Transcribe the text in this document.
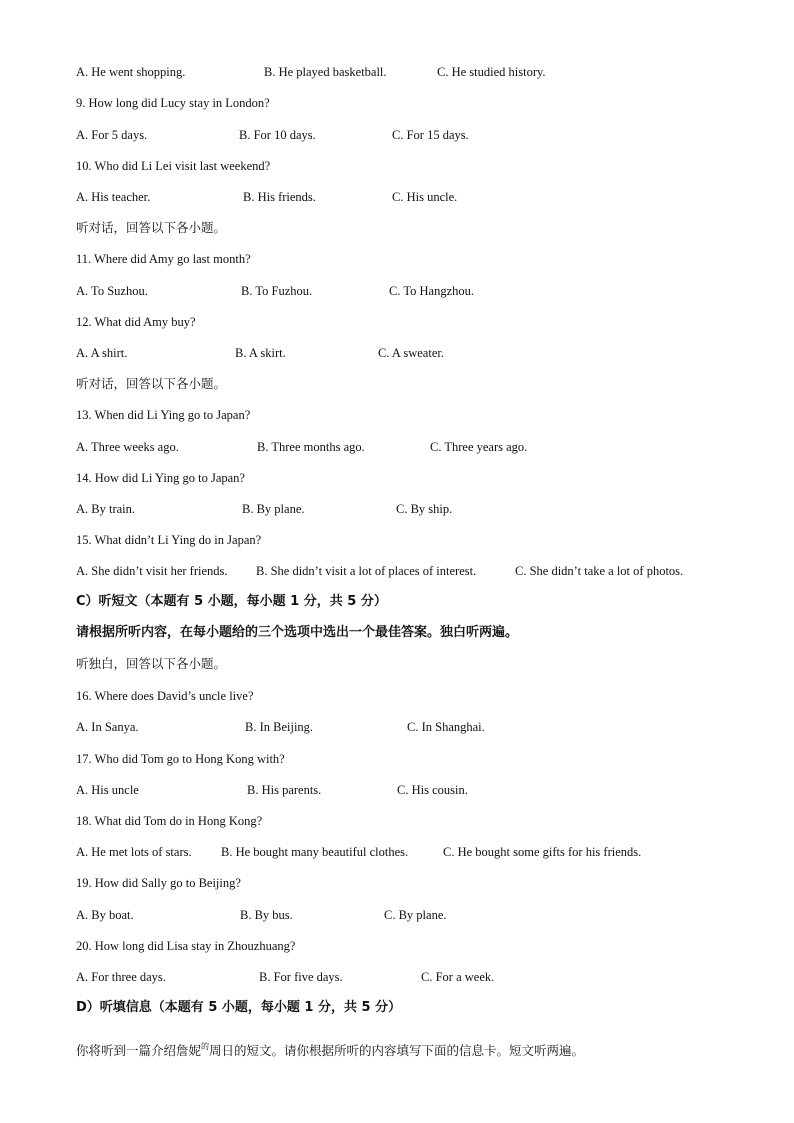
A. He went shopping.	B. He played basketball.	C. He studied history.
9. How long did Lucy stay in London?
A. For 5 days.	B. For 10 days.	C. For 15 days.
10. Who did Li Lei visit last weekend?
A. His teacher.	B. His friends.	C. His uncle.
听对话，回答以下各小题。
11. Where did Amy go last month?
A. To Suzhou.	B. To Fuzhou.	C. To Hangzhou.
12. What did Amy buy?
A. A shirt.	B. A skirt.	C. A sweater.
听对话，回答以下各小题。
13. When did Li Ying go to Japan?
A. Three weeks ago.	B. Three months ago.	C. Three years ago.
14. How did Li Ying go to Japan?
A. By train.	B. By plane.	C. By ship.
15. What didn’t Li Ying do in Japan?
A. She didn’t visit her friends. B. She didn’t visit a lot of places of interest.	C. She didn’t take a lot of photos.
C）听短文（本题有 5 小题，每小题 1 分，共 5 分）
请根据所听内容，在每小题给的三个选项中选出一个最佳答案。独白听两遍。
听独白，回答以下各小题。
16. Where does David’s uncle live?
A. In Sanya.	B. In Beijing.	C. In Shanghai.
17. Who did Tom go to Hong Kong with?
A. His uncle	B. His parents.	C. His cousin.
18. What did Tom do in Hong Kong?
A. He met lots of stars. B. He bought many beautiful clothes.	C. He bought some gifts for his friends.
19. How did Sally go to Beijing?
A. By boat.	B. By bus.	C. By plane.
20. How long did Lisa stay in Zhouzhuang?
A. For three days.	B. For five days.	C. For a week.
D）听填信息（本题有 5 小题，每小题 1 分，共 5 分）
你将听到一篇介绍詹妮$^的$周日的短文。请你根据所听的内容填写下面的信息卡。短文听两遍。
